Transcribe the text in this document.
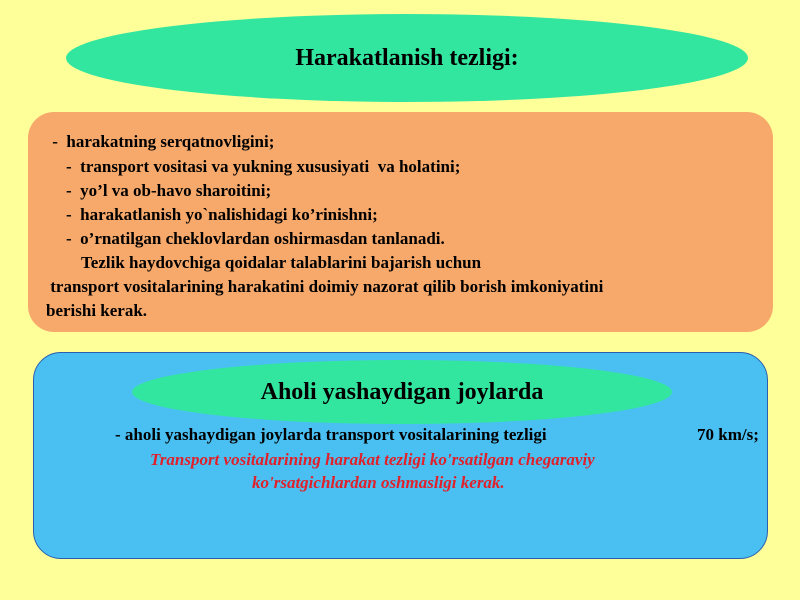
Harakatlanish tezligi:
-  harakatning serqatnovligini;
-  transport vositasi va yukning xususiyati  va holatini;
-  yo’l va ob-havo sharoitini;
-  harakatlanish yo`nalishidagi ko’rinishni;
-  o’rnatilgan cheklovlardan oshirmasdan tanlanadi.
Tezlik haydovchiga qoidalar talablarini bajarish uchun
transport vositalarining harakatini doimiy nazorat qilib borish imkoniyatini
berishi kerak.
Aholi yashaydigan joylarda
- aholi yashaydigan joylarda transport vositalarining tezligi	70 km/s;
Transport vositalarining harakat tezligi ko'rsatilgan chegaraviy
ko'rsatgichlardan oshmasligi kerak.
